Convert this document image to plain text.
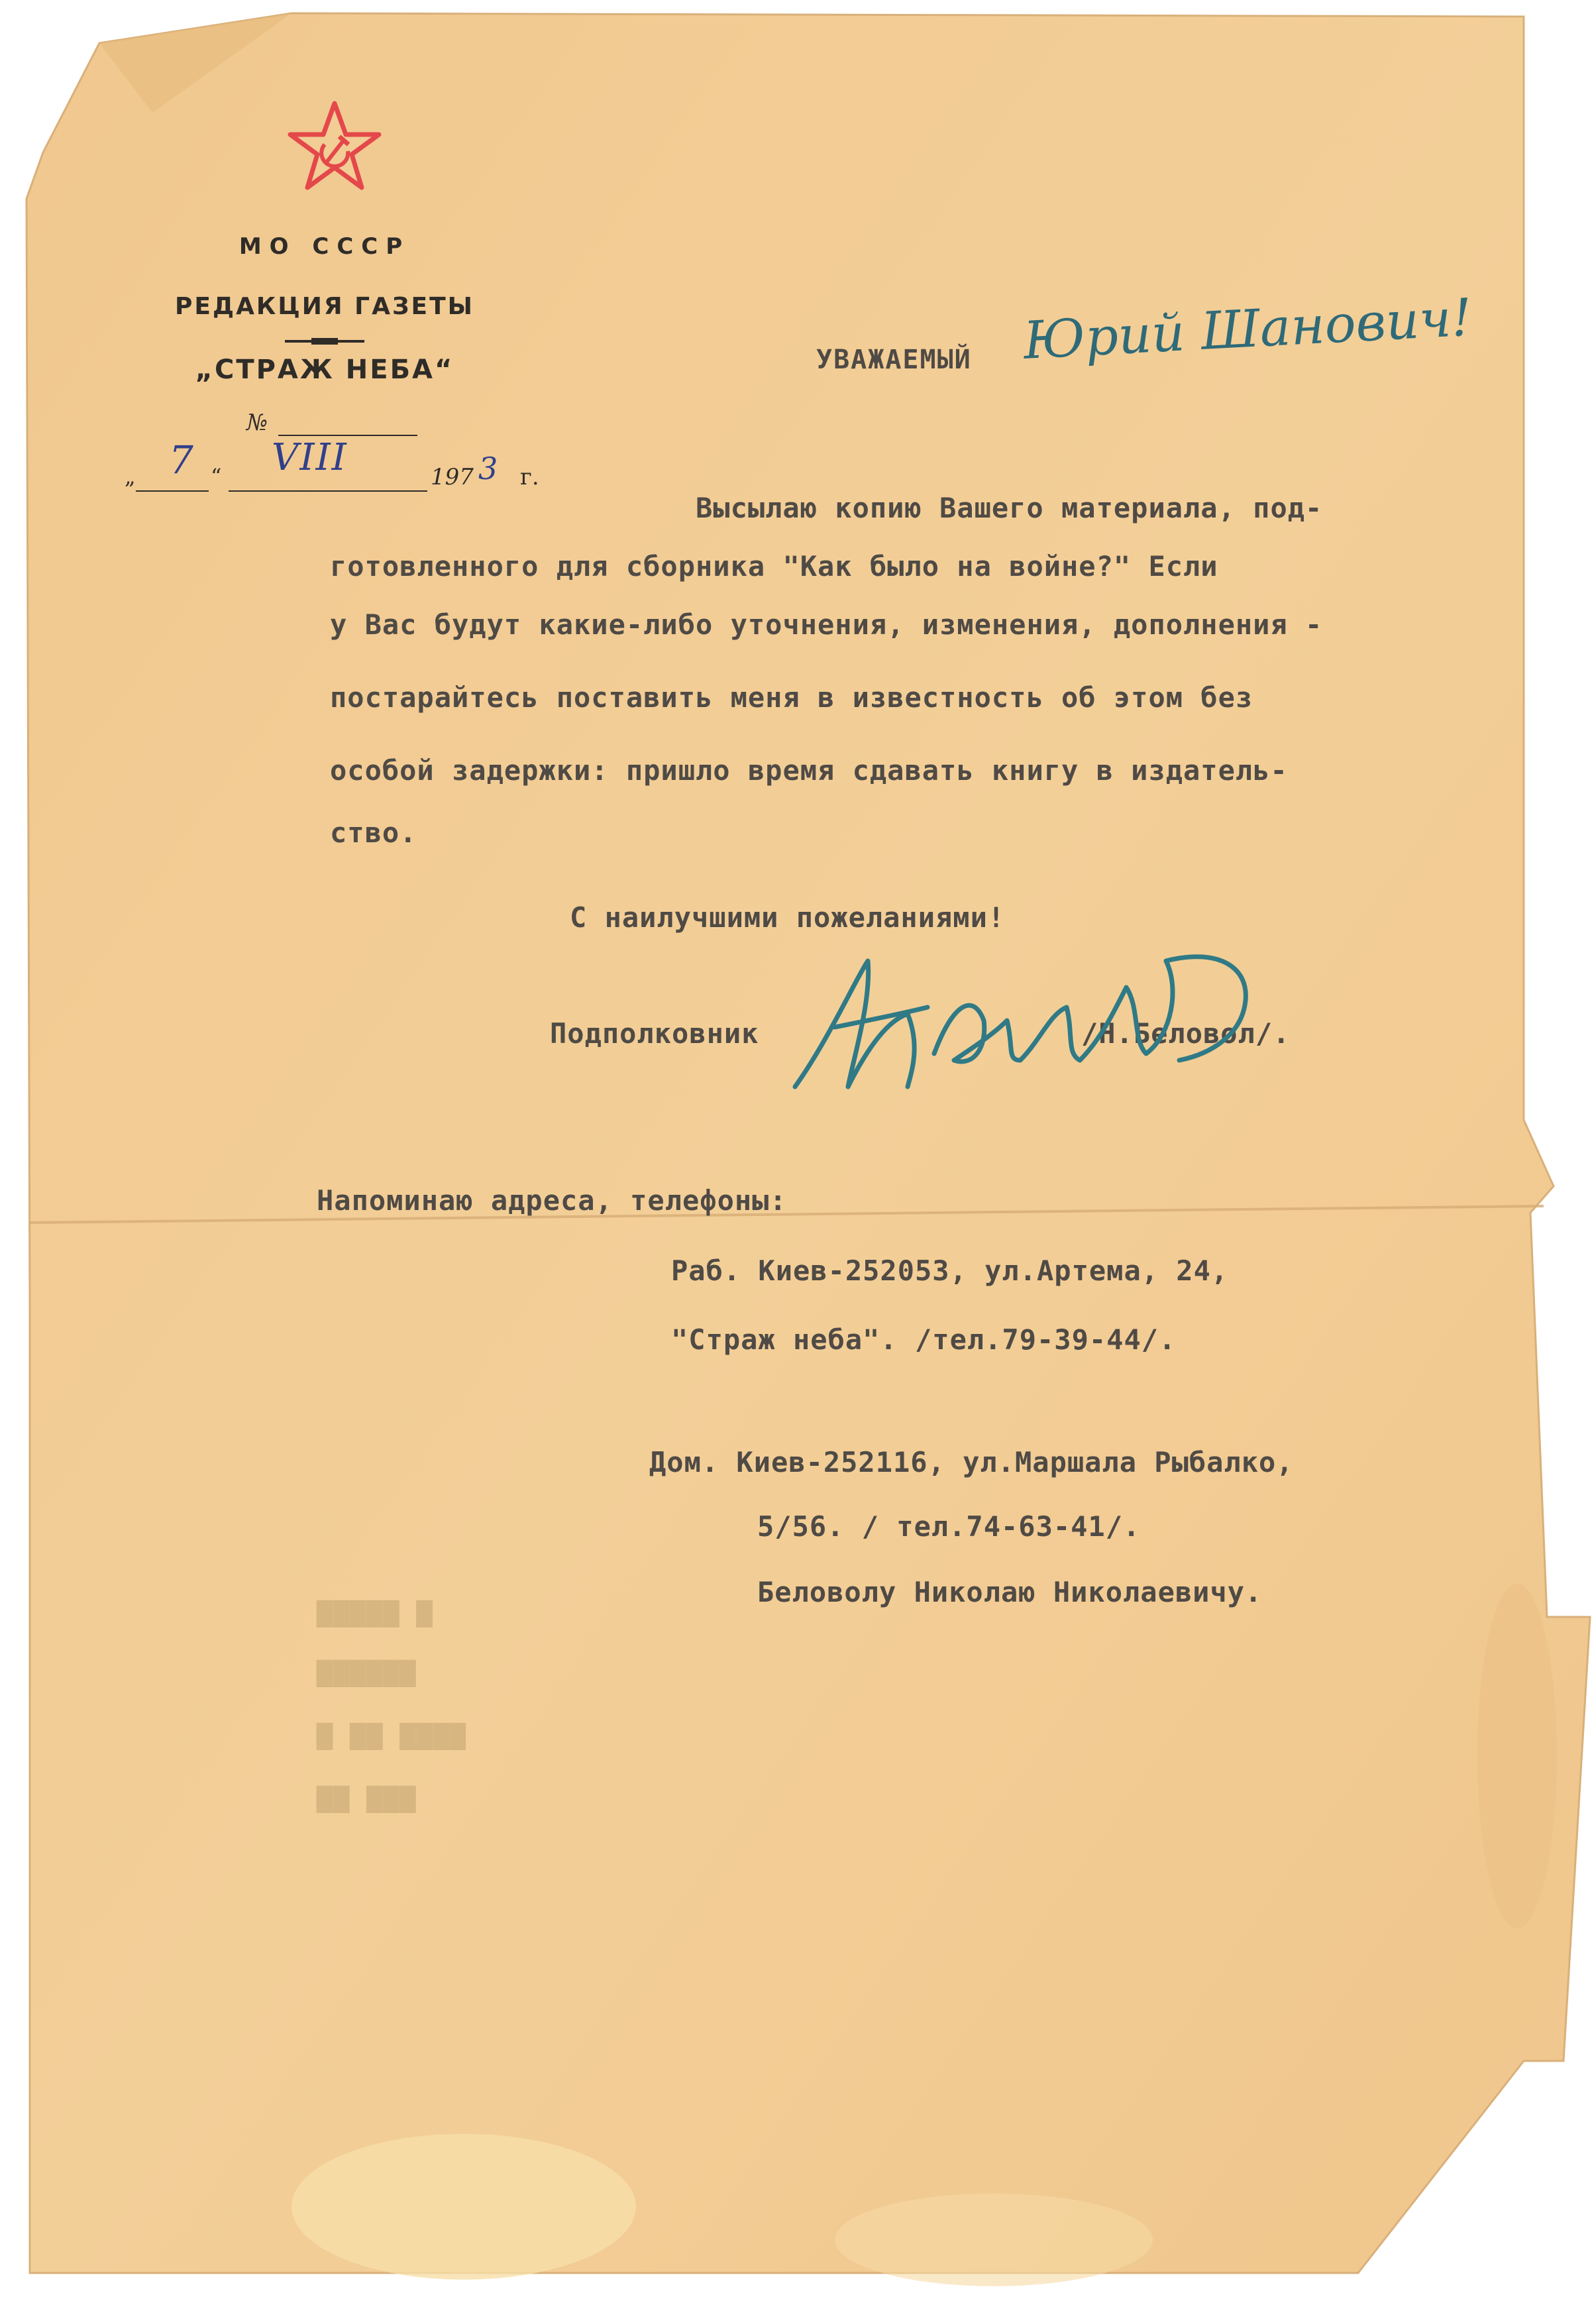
МО СССР
РЕДАКЦИЯ ГАЗЕТЫ
„СТРАЖ НЕБА“
№
„	“	197 г.
7 VIII	3
УВАЖАЕМЫЙ Юрий Шанович!
Высылаю копию Вашего материала, под-
готовленного для сборника "Как было на войне?" Если
у Вас будут какие-либо уточнения, изменения, дополнения -
постарайтесь поставить меня в известность об этом без
особой задержки: пришло время сдавать книгу в издатель-
ство.
С наилучшими пожеланиями!
Подполковник	/Н.Беловол/.
Напоминаю адреса, телефоны:
Раб. Киев-252053, ул.Артема, 24,
"Страж неба". /тел.79-39-44/.
Дом. Киев-252116, ул.Маршала Рыбалко,
5/56. / тел.74-63-41/.
Беловолу Николаю Николаевичу.
▇▇▇▇▇ ▇
▇▇▇▇▇▇
▇ ▇▇ ▇▇▇▇
▇▇ ▇▇▇
